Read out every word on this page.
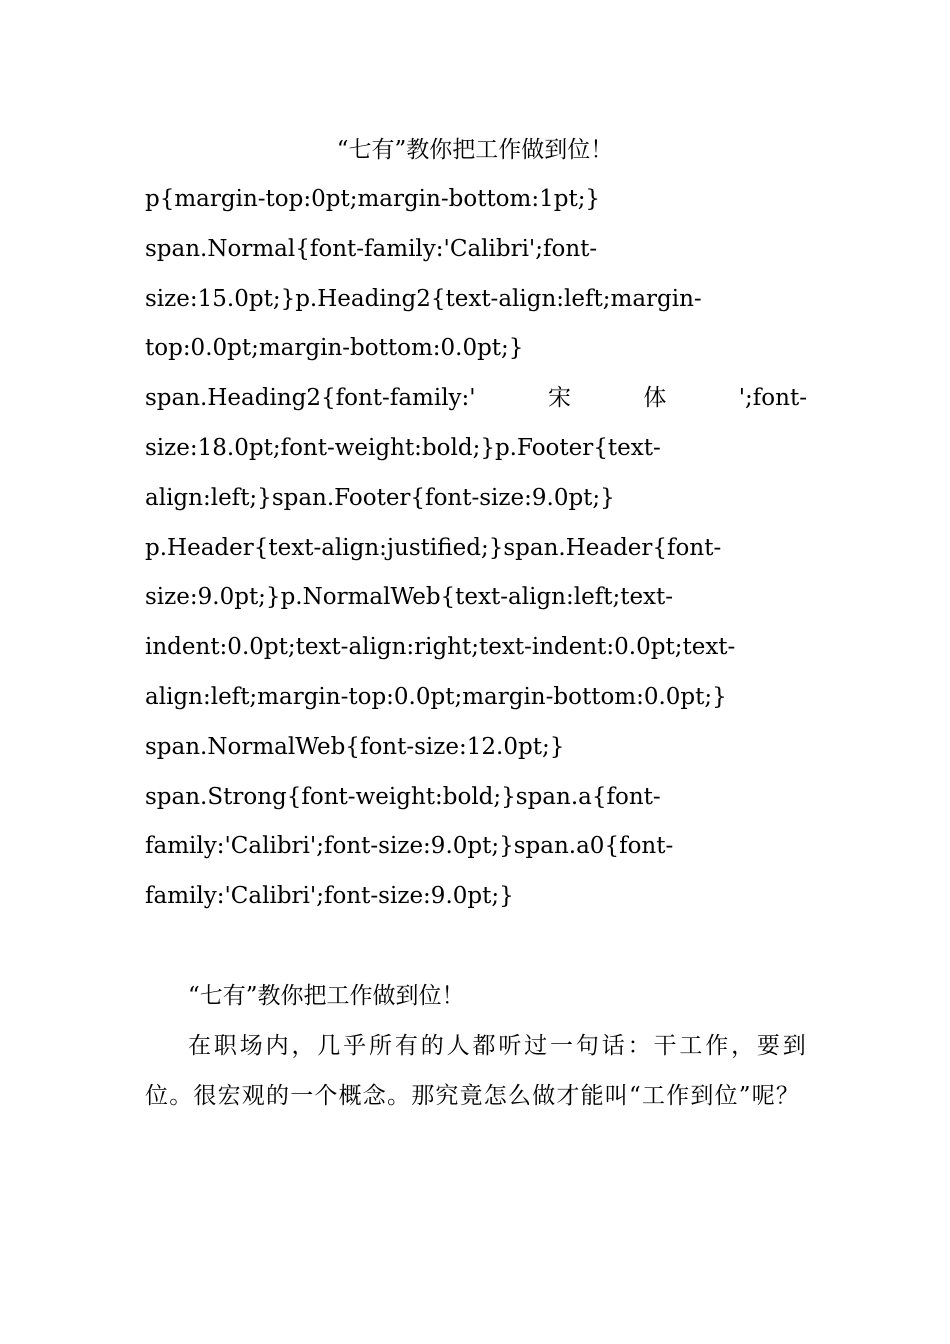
“七有”教你把工作做到位！
p{margin-top:0pt;margin-bottom:1pt;}
span.Normal{font-family:'Calibri';font-
size:15.0pt;}p.Heading2{text-align:left;margin-
top:0.0pt;margin-bottom:0.0pt;}
span.Heading2{font-family:'	宋	体	';font-
size:18.0pt;font-weight:bold;}p.Footer{text-
align:left;}span.Footer{font-size:9.0pt;}
p.Header{text-align:justified;}span.Header{font-
size:9.0pt;}p.NormalWeb{text-align:left;text-
indent:0.0pt;text-align:right;text-indent:0.0pt;text-
align:left;margin-top:0.0pt;margin-bottom:0.0pt;}
span.NormalWeb{font-size:12.0pt;}
span.Strong{font-weight:bold;}span.a{font-
family:'Calibri';font-size:9.0pt;}span.a0{font-
family:'Calibri';font-size:9.0pt;}

“七有”教你把工作做到位！

在职场内，几乎所有的人都听过一句话：干工作，要到位。很宏观的一个概念。那究竟怎么做才能叫“工作到位”呢？
